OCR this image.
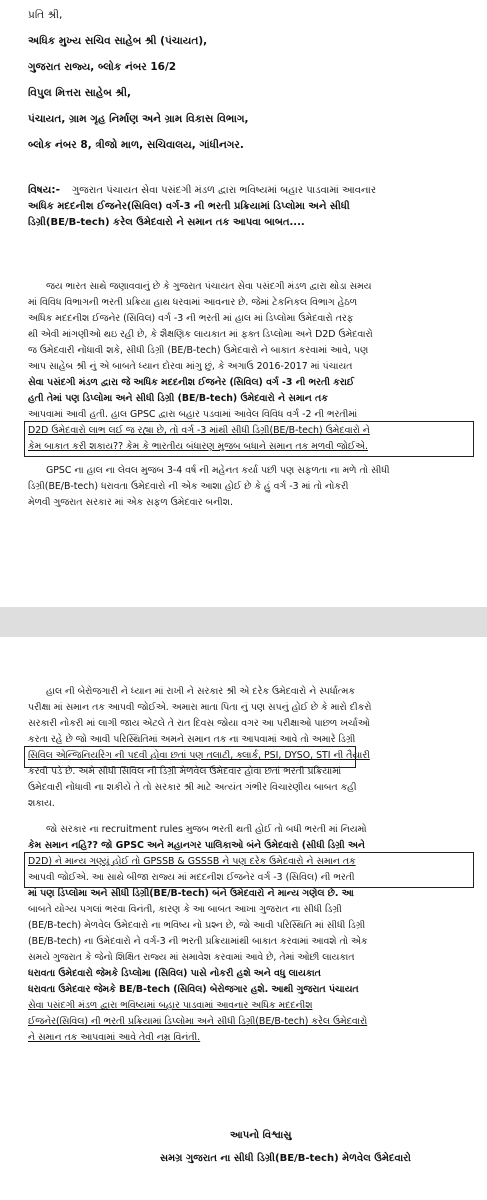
પ્રતિ શ્રી,
અધિક મુખ્ય સચિવ સાહેબ શ્રી (પંચાયત),
ગુજરાત રાજ્ય, બ્લોક નંબર 16/2
વિપુલ મિત્તરા સાહેબ શ્રી,
પંચાયત, ગ્રામ ગૃહ નિર્માણ અને ગ્રામ વિકાસ વિભાગ,
બ્લોક નંબર 8, ત્રીજો માળ, સચિવાલય, ગાંધીનગર.
વિષય:- ગુજરાત પંચાયત સેવા પસંદગી મંડળ દ્વારા ભવિષ્યમાં બહાર પાડવામાં આવનાર
અધિક મદદનીશ ઈજનેર(સિવિલ) વર્ગ-3 ની ભરતી પ્રક્રિયામાં ડિપ્લોમા અને સીધી
ડિગ્રી(BE/B-tech) કરેલ ઉમેદવારો ને સમાન તક આપવા બાબત....
જય ભારત સાથે જણાવવાનું છે કે ગુજરાત પંચાયત સેવા પસંદગી મંડળ દ્વારા થોડા સમય
માં વિવિધ વિભાગની ભરતી પ્રક્રિયા હાથ ધરવામાં આવનાર છે. જેમાં ટેકનિકલ વિભાગ હેઠળ
અધિક મદદનીશ ઈજનેર (સિવિલ) વર્ગ -3 ની ભરતી માં હાલ માં ડિપ્લોમા ઉમેદવારો તરફ
થી એવી માંગણીઓ થઇ રહી છે, કે શૈક્ષણિક લાયકાત માં ફક્ત ડિપ્લોમા અને D2D ઉમેદવારો
જ ઉમેદવારી નોંધાવી શકે, સીધી ડિગ્રી (BE/B-tech) ઉમેદવારો ને બાકાત કરવામાં આવે, પણ
આપ સાહેબ શ્રી નું એ બાબતે ધ્યાન દોરવા માંગુ છું, કે અગાઉ 2016-2017 માં પંચાયત
સેવા પસંદગી મંડળ દ્વારા જે અધિક મદદનીશ ઈજનેર (સિવિલ) વર્ગ -3 ની ભરતી કરાઈ
હતી તેમાં પણ ડિપ્લોમા અને સીધી ડિગ્રી (BE/B-tech) ઉમેદવારો ને સમાન તક
આપવામાં આવી હતી. હાલ GPSC દ્વારા બહાર પડવામાં આવેલ વિવિધ વર્ગ -2 ની ભરતીમાં
D2D ઉમેદવારો લાભ લઈ જ રહ્યા છે, તો વર્ગ -3 માંથી સીધી ડિગ્રી(BE/B-tech) ઉમેદવારો ને
કેમ બાકાત કરી શકાય?? કેમ કે ભારતીય બંધારણ મુજબ બધાને સમાન તક મળવી જોઈએ.
GPSC ના હાલ ના લેવલ મુજબ 3-4 વર્ષ ની મહેનત કર્યા પછી પણ સફળતા ના મળે તો સીધી
ડિગ્રી(BE/B-tech) ધરાવતા ઉમેદવારો ની એક આશા હોઈ છે કે હું વર્ગ -3 માં તો નોકરી
મેળવી ગુજરાત સરકાર માં એક સફળ ઉમેદવાર બનીશ.
હાલ ની બેરોજગારી ને ધ્યાન માં રાખી ને સરકાર શ્રી એ દરેક ઉમેદવારો ને સ્પર્ધાત્મક
પરીક્ષા માં સમાન તક આપવી જોઈએ. અમારા માતા પિતા નું પણ સપનું હોઈ છે કે મારો દીકરો
સરકારી નોકરી માં લાગી જાય એટલે તે રાત દિવસ જોયા વગર આ પરીક્ષાઓ પાછળ ખર્ચાઓ
કરતા રહે છે જો આવી પરિસ્થિતિમાં અમને સમાન તક ના આપવામાં આવે તો અમારે ડિગ્રી
સિવિલ એન્જિનિયરિંગ ની પદવી હોવા છતાં પણ તલાટી, ક્લાર્ક, PSI, DYSO, STI ની તૈયારી
કરવી પડે છે. અમે સીધી સિવિલ ની ડિગ્રી મેળવેલ ઉમેદવાર હોવા છતાં ભરતી પ્રક્રિયામાં
ઉમેદવારી નોંધાવી ના શકીયે તે તો સરકાર શ્રી માટે અત્યંત ગંભીર વિચારણીય બાબત કહી
શકાય.
જો સરકાર ના recruitment rules મુજબ ભરતી થતી હોઈ તો બધી ભરતી માં નિયમો
કેમ સમાન નહિ?? જો GPSC અને મહાનગર પાલિકાઓ બંને ઉમેદવારો (સીધી ડિગ્રી અને
D2D) ને માન્ય ગણ્યું હોઈ તો GPSSB & GSSSB ને પણ દરેક ઉમેદવારો ને સમાન તક
આપવી જોઈએ. આ સાથે બીજા રાજ્ય માં મદદનીશ ઈજનેર વર્ગ -3 (સિવિલ) ની ભરતી
માં પણ ડિપ્લોમા અને સીધી ડિગ્રી(BE/B-tech) બંને ઉમેદવારો ને માન્ય ગણેલ છે. આ
બાબતે યોગ્ય પગલાં ભરવા વિનંતી, કારણ કે આ બાબત આખા ગુજરાત ના સીધી ડિગ્રી
(BE/B-tech) મેળવેલ ઉમેદવારો ના ભવિષ્ય નો પ્રશ્ન છે, જો આવી પરિસ્થિતિ માં સીધી ડિગ્રી
(BE/B-tech) ના ઉમેદવારો ને વર્ગ-3 ની ભરતી પ્રક્રિયામાંથી બાકાત કરવામાં આવશે તો એક
સમયે ગુજરાત કે જેનો શિક્ષિત રાજ્ય માં સમાવેશ કરવામાં આવે છે, તેમાં ઓછી લાયકાત
ધરાવતા ઉમેદવારો જેમકે ડિપ્લોમા (સિવિલ) પાસે નોકરી હશે અને વધુ લાયકાત
ધરાવતા ઉમેદવાર જેમકે BE/B-tech (સિવિલ) બેરોજગાર હશે. આથી ગુજરાત પંચાયત
સેવા પસંદગી મંડળ દ્વારા ભવિષ્યમાં બહાર પાડવામાં આવનાર અધિક મદદનીશ
ઈજનેર(સિવિલ) ની ભરતી પ્રક્રિયામાં ડિપ્લોમા અને સીધી ડિગ્રી(BE/B-tech) કરેલ ઉમેદવારો
ને સમાન તક આપવામાં આવે તેવી નમ્ર વિનંતી.
આપનો વિશ્વાસુ
સમગ્ર ગુજરાત ના સીધી ડિગ્રી(BE/B-tech) મેળવેલ ઉમેદવારો
